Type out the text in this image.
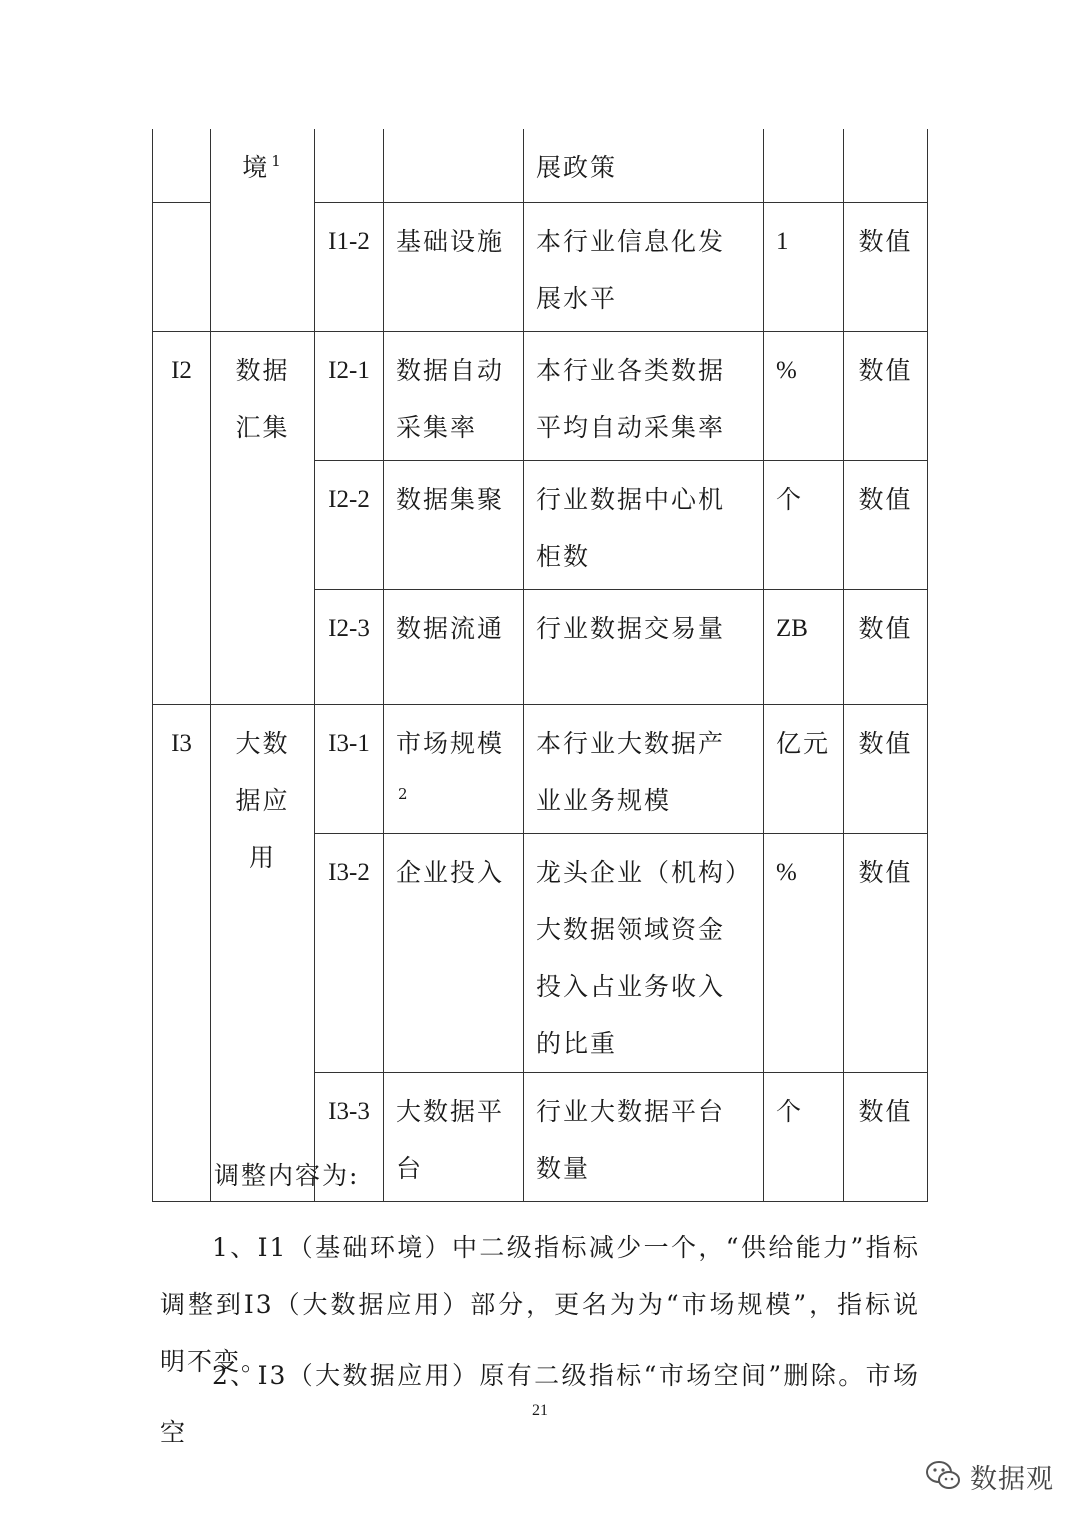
	境 $^1$			展政策		
		I1-2	基础设施	本行业信息化发展水平	1	数值
I2	数据汇集	I2-1	数据自动采集率	本行业各类数据平均自动采集率	%	数值
		I2-2	数据集聚	行业数据中心机柜数	个	数值
		I2-3	数据流通	行业数据交易量	ZB	数值
I3	大数据应用	I3-1	市场规模$^2$	本行业大数据产业业务规模	亿元	数值
		I3-2	企业投入	龙头企业（机构）大数据领域资金投入占业务收入的比重	%	数值
		I3-3	大数据平台	行业大数据平台数量	个	数值

调整内容为:

1、I1（基础环境）中二级指标减少一个，“供给能力”指标调整到I3（大数据应用）部分，更名为为“市场规模”，指标说明不变。

2、I3（大数据应用）原有二级指标“市场空间”删除。市场空

21
数据观
